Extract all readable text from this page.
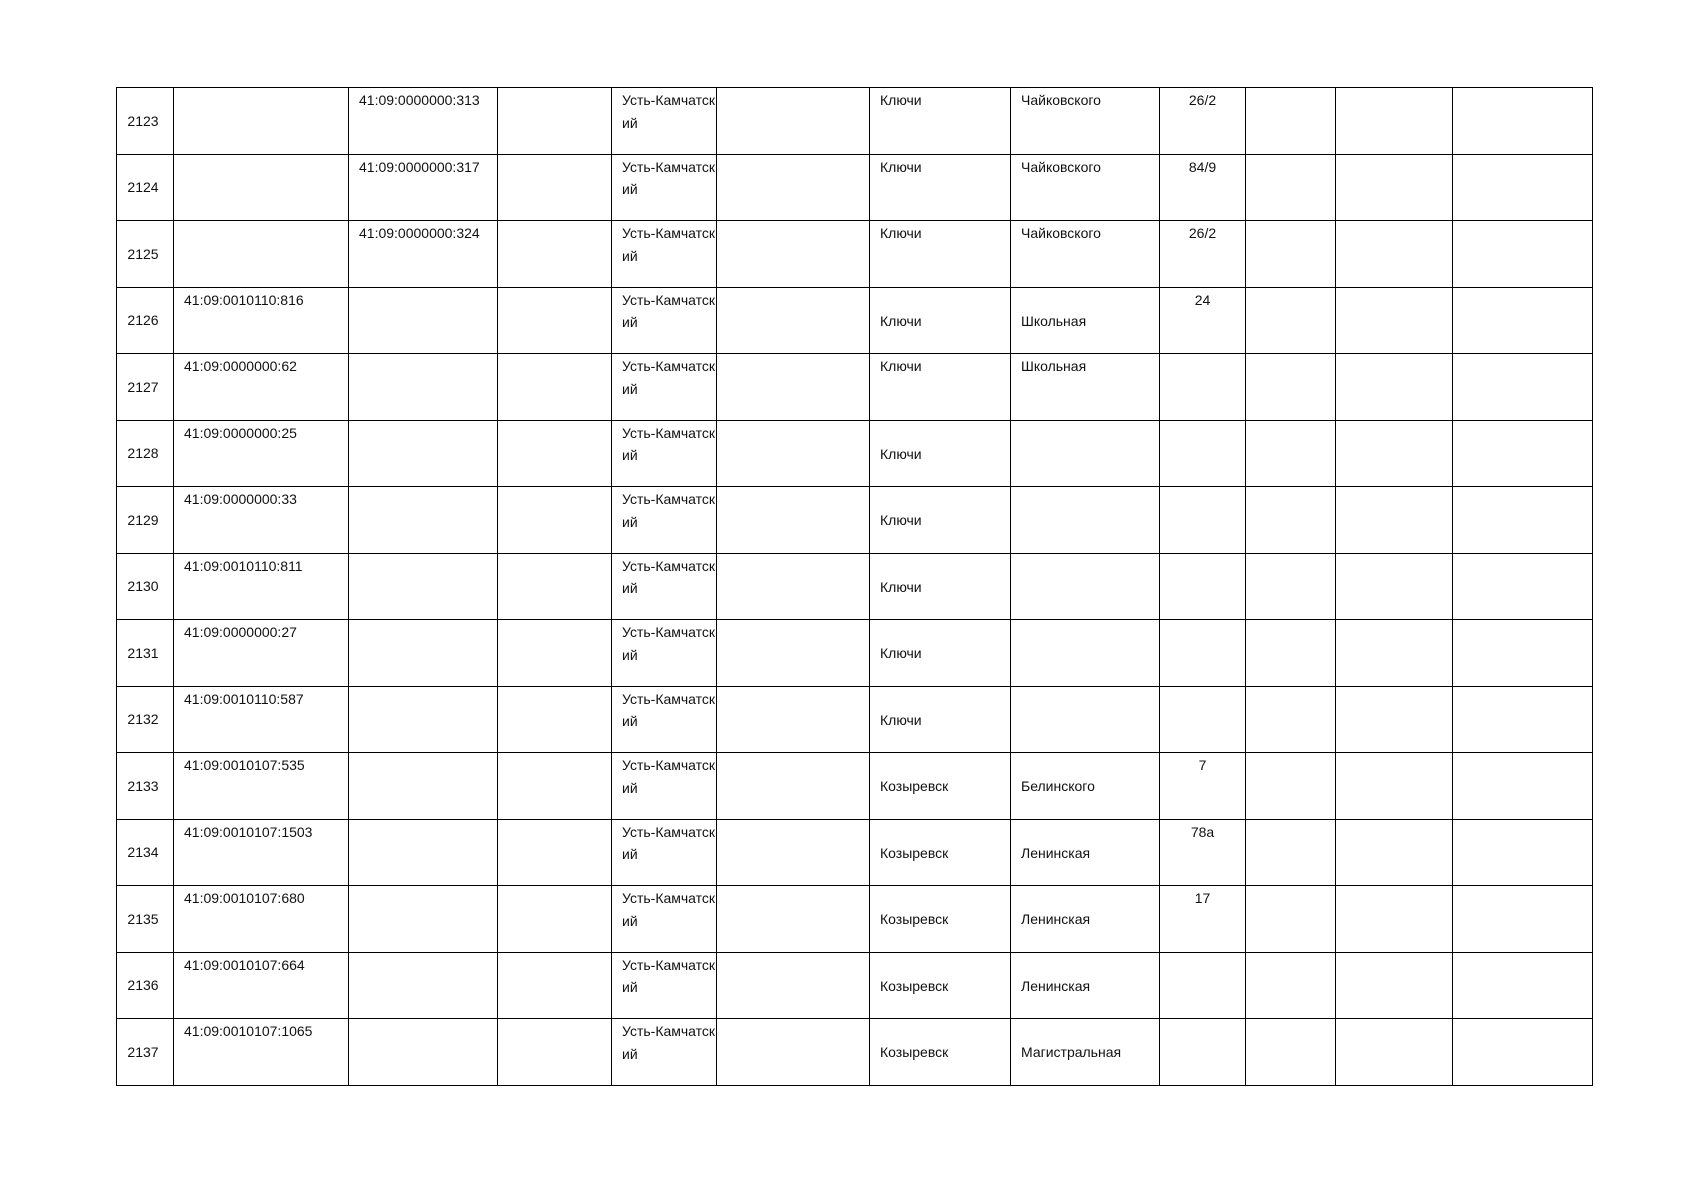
2123		41:09:0000000:313		Усть-Камчатский		Ключи	Чайковского	26/2			

2124		41:09:0000000:317		Усть-Камчатский		Ключи	Чайковского	84/9			

2125		41:09:0000000:324		Усть-Камчатский		Ключи	Чайковского	26/2			

2126	41:09:0010110:816			Усть-Камчатский		Ключи	Школьная	24			

2127	41:09:0000000:62			Усть-Камчатский		Ключи	Школьная				

2128	41:09:0000000:25			Усть-Камчатский		Ключи					

2129	41:09:0000000:33			Усть-Камчатский		Ключи					

2130	41:09:0010110:811			Усть-Камчатский		Ключи					

2131	41:09:0000000:27			Усть-Камчатский		Ключи					

2132	41:09:0010110:587			Усть-Камчатский		Ключи					

2133	41:09:0010107:535			Усть-Камчатский		Козыревск	Белинского	7			

2134	41:09:0010107:1503			Усть-Камчатский		Козыревск	Ленинская	78а			

2135	41:09:0010107:680			Усть-Камчатский		Козыревск	Ленинская	17			

2136	41:09:0010107:664			Усть-Камчатский		Козыревск	Ленинская				

2137	41:09:0010107:1065			Усть-Камчатский		Козыревск	Магистральная				
